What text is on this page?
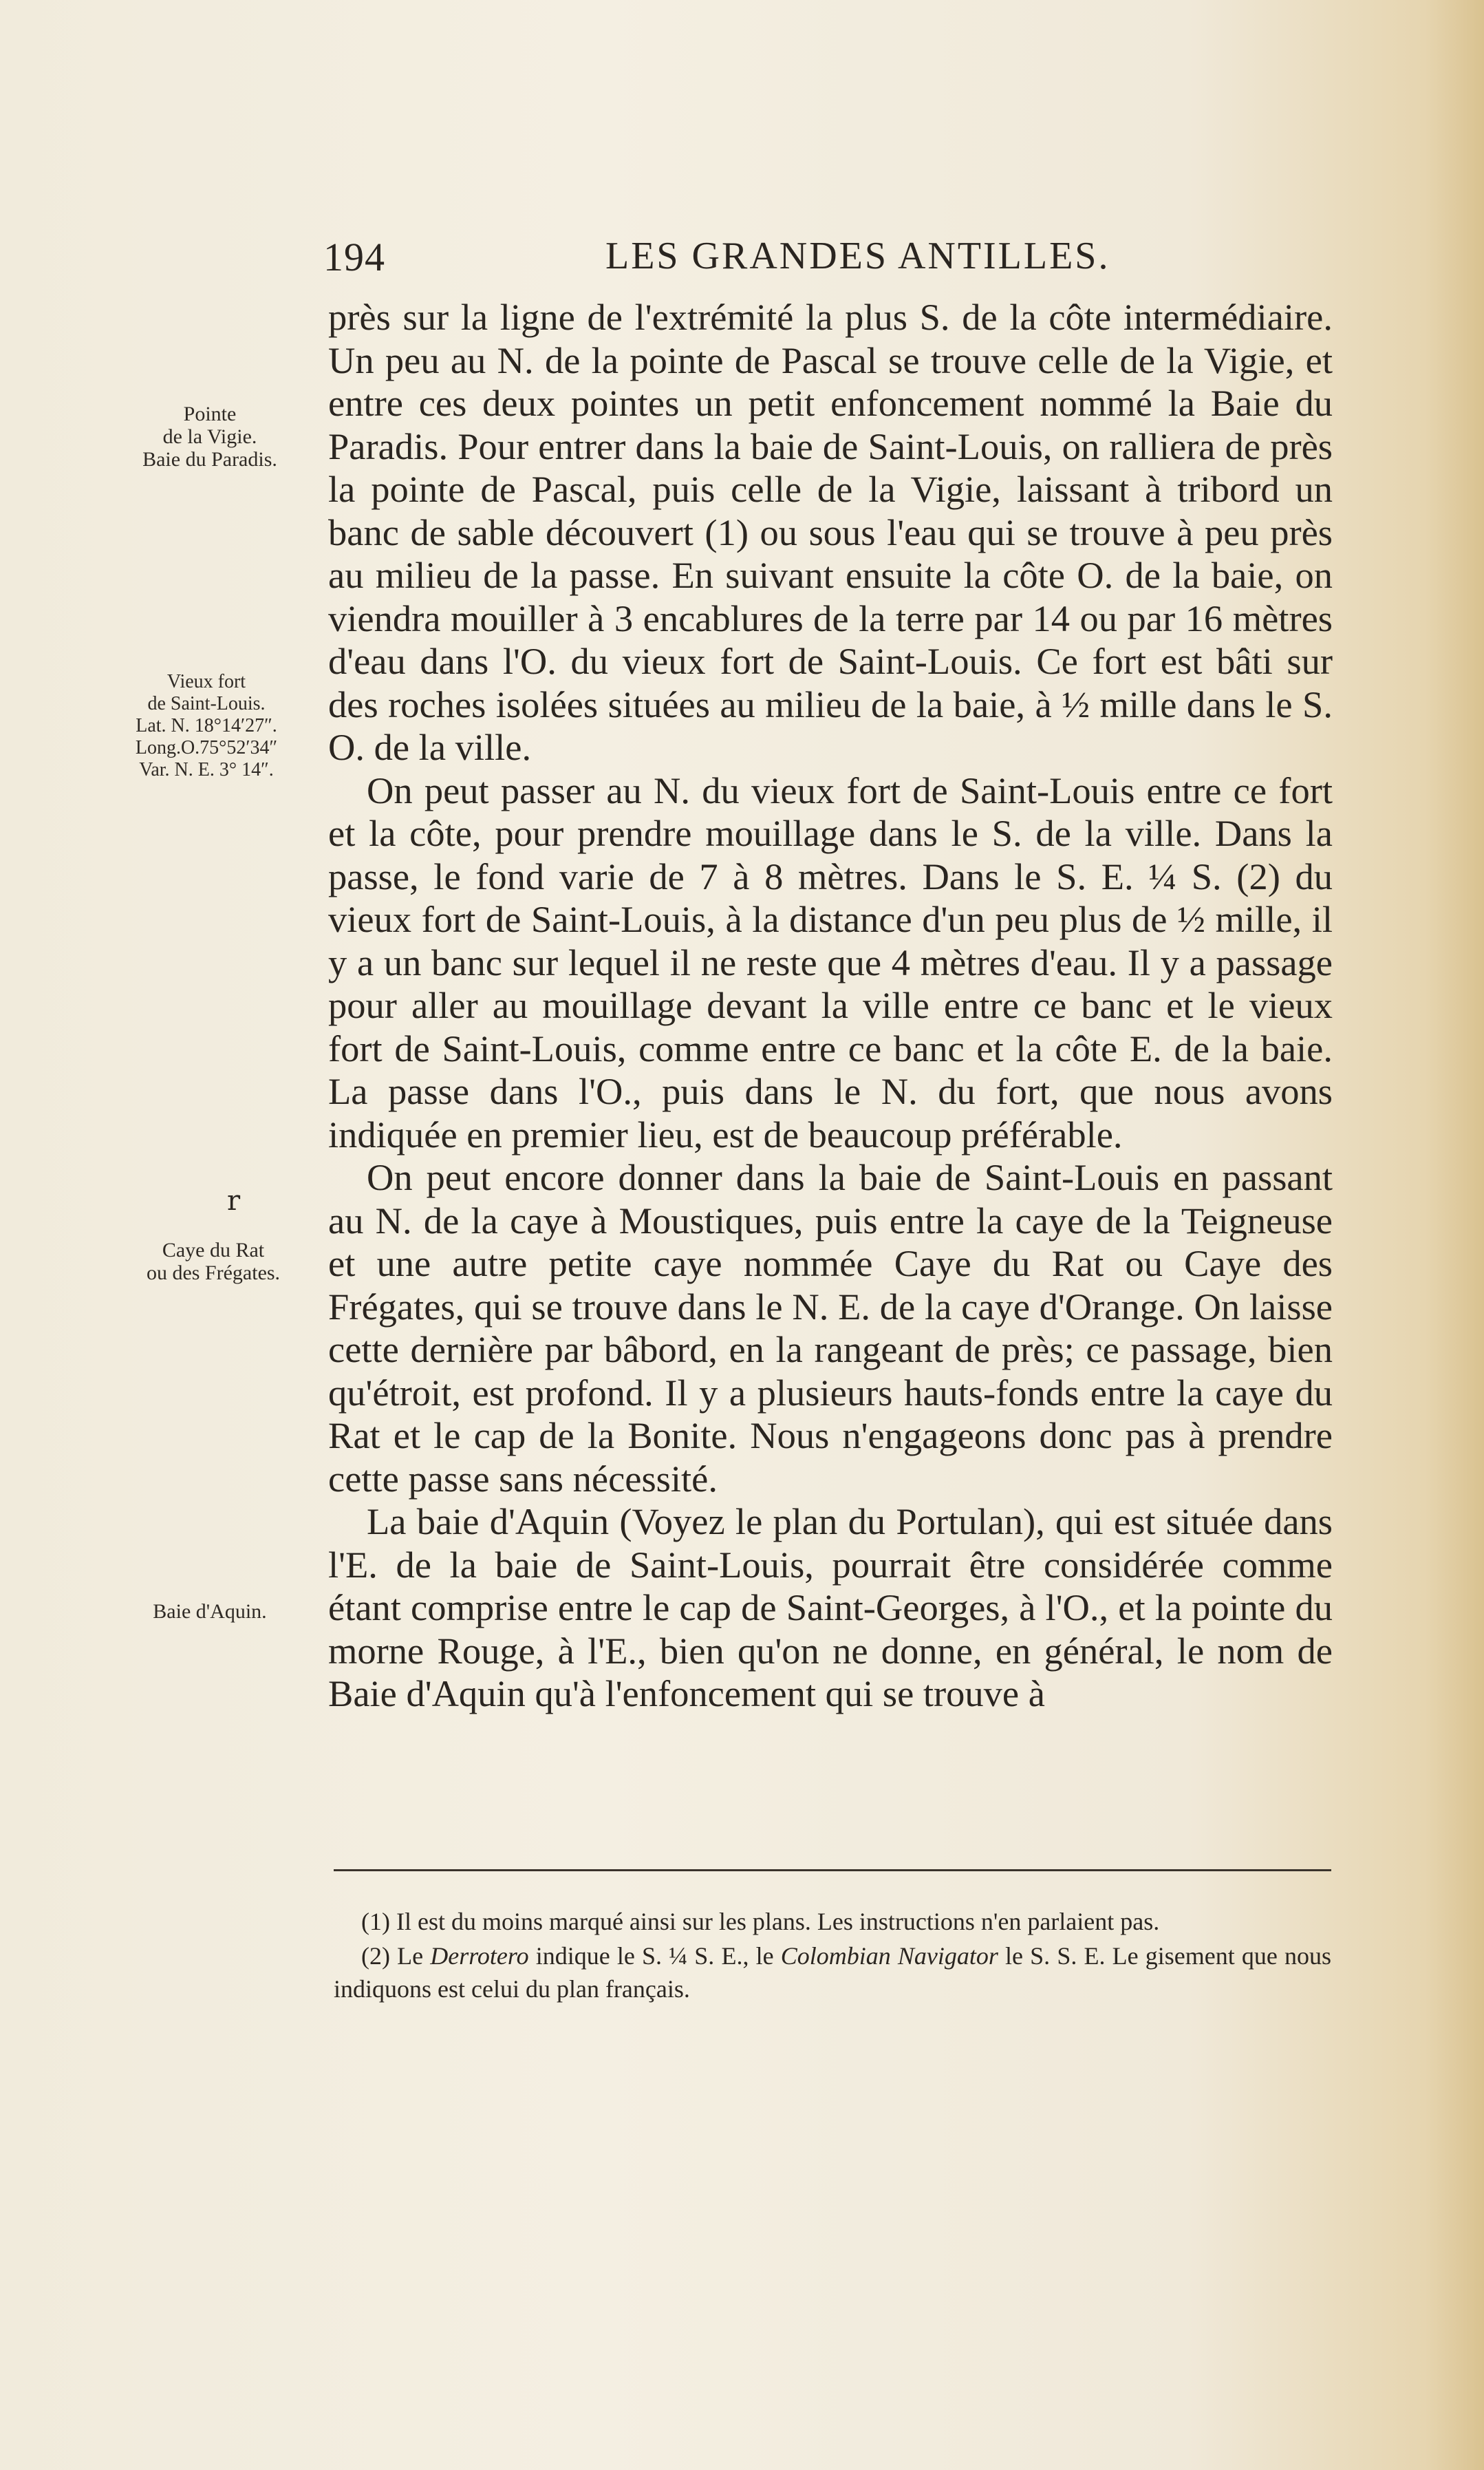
194	LES GRANDES ANTILLES.
Pointe
de la Vigie.
Baie du Paradis.
Vieux fort
de Saint-Louis.
Lat. N. 18°14′27″.
Long.O.75°52′34″
Var. N. E. 3° 14″.
r
Caye du Rat
ou des Frégates.
Baie d'Aquin.

près sur la ligne de l'extrémité la plus S. de la côte intermédiaire. Un peu au N. de la pointe de Pascal se trouve celle de la Vigie, et entre ces deux pointes un petit enfoncement nommé la Baie du Paradis. Pour entrer dans la baie de Saint-Louis, on ralliera de près la pointe de Pascal, puis celle de la Vigie, laissant à tribord un banc de sable découvert (1) ou sous l'eau qui se trouve à peu près au milieu de la passe. En suivant ensuite la côte O. de la baie, on viendra mouiller à 3 encablures de la terre par 14 ou par 16 mètres d'eau dans l'O. du vieux fort de Saint-Louis. Ce fort est bâti sur des roches isolées situées au milieu de la baie, à ½ mille dans le S. O. de la ville.

On peut passer au N. du vieux fort de Saint-Louis entre ce fort et la côte, pour prendre mouillage dans le S. de la ville. Dans la passe, le fond varie de 7 à 8 mètres. Dans le S. E. ¼ S. (2) du vieux fort de Saint-Louis, à la distance d'un peu plus de ½ mille, il y a un banc sur lequel il ne reste que 4 mètres d'eau. Il y a passage pour aller au mouillage devant la ville entre ce banc et le vieux fort de Saint-Louis, comme entre ce banc et la côte E. de la baie. La passe dans l'O., puis dans le N. du fort, que nous avons indiquée en premier lieu, est de beaucoup préférable.

On peut encore donner dans la baie de Saint-Louis en passant au N. de la caye à Moustiques, puis entre la caye de la Teigneuse et une autre petite caye nommée Caye du Rat ou Caye des Frégates, qui se trouve dans le N. E. de la caye d'Orange. On laisse cette dernière par bâbord, en la rangeant de près; ce passage, bien qu'étroit, est profond. Il y a plusieurs hauts-fonds entre la caye du Rat et le cap de la Bonite. Nous n'engageons donc pas à prendre cette passe sans nécessité.

La baie d'Aquin (Voyez le plan du Portulan), qui est située dans l'E. de la baie de Saint-Louis, pourrait être considérée comme étant comprise entre le cap de Saint-Georges, à l'O., et la pointe du morne Rouge, à l'E., bien qu'on ne donne, en général, le nom de Baie d'Aquin qu'à l'enfoncement qui se trouve à

(1) Il est du moins marqué ainsi sur les plans. Les instructions n'en parlaient pas.

(2) Le Derrotero indique le S. ¼ S. E., le Colombian Navigator le S. S. E. Le gisement que nous indiquons est celui du plan français.
